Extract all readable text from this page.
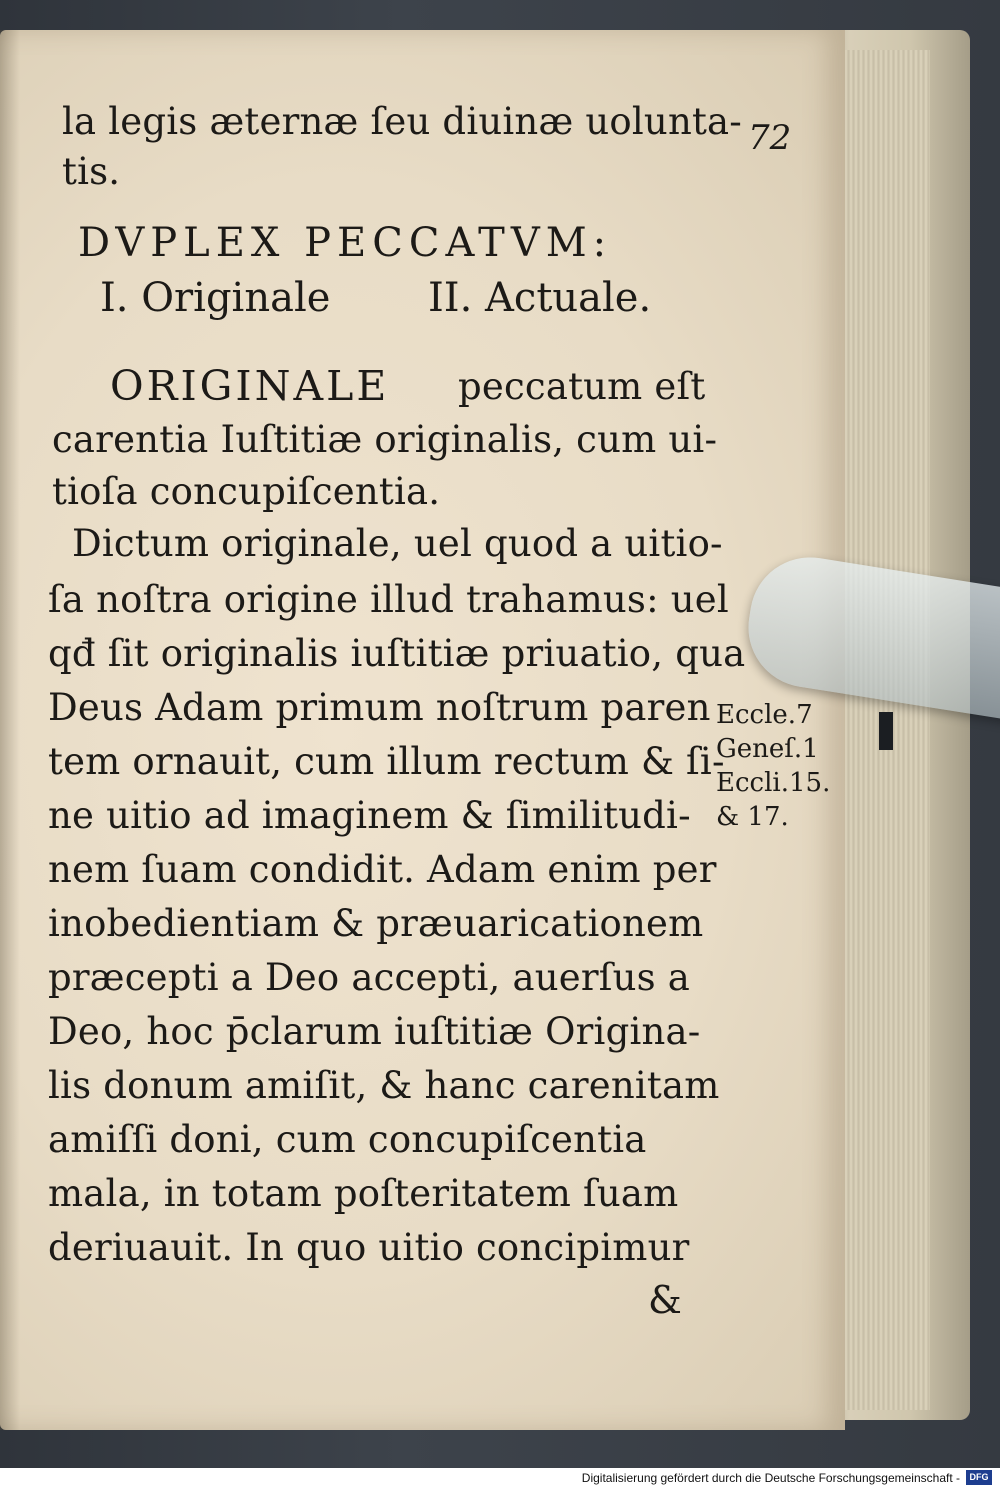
la legis æternæ ſeu diuinæ uolunta- 72
tis.
DVPLEX PECCATVM:
I. Originale II. Actuale.
ORIGINALE peccatum eſt
carentia Iuſtitiæ originalis, cum ui-
tioſa concupiſcentia.
Dictum originale, uel quod a uitio-
ſa noſtra origine illud trahamus: uel
qđ ſit originalis iuſtitiæ priuatio, qua
Deus Adam primum noſtrum paren
tem ornauit, cum illum rectum & ſi-
ne uitio ad imaginem & ſimilitudi-
nem ſuam condidit. Adam enim per
inobedientiam & præuaricationem
præcepti a Deo accepti, auerſus a
Deo, hoc p̄clarum iuſtitiæ Origina-
lis donum amiſit, & hanc carenitam
amiſſi doni, cum concupiſcentia
mala, in totam poſteritatem ſuam
deriuauit. In quo uitio concipimur
&
Eccle.7
Geneſ.1
Eccli.15.
& 17.
Digitalisierung gefördert durch die Deutsche Forschungsgemeinschaft -	DFG
